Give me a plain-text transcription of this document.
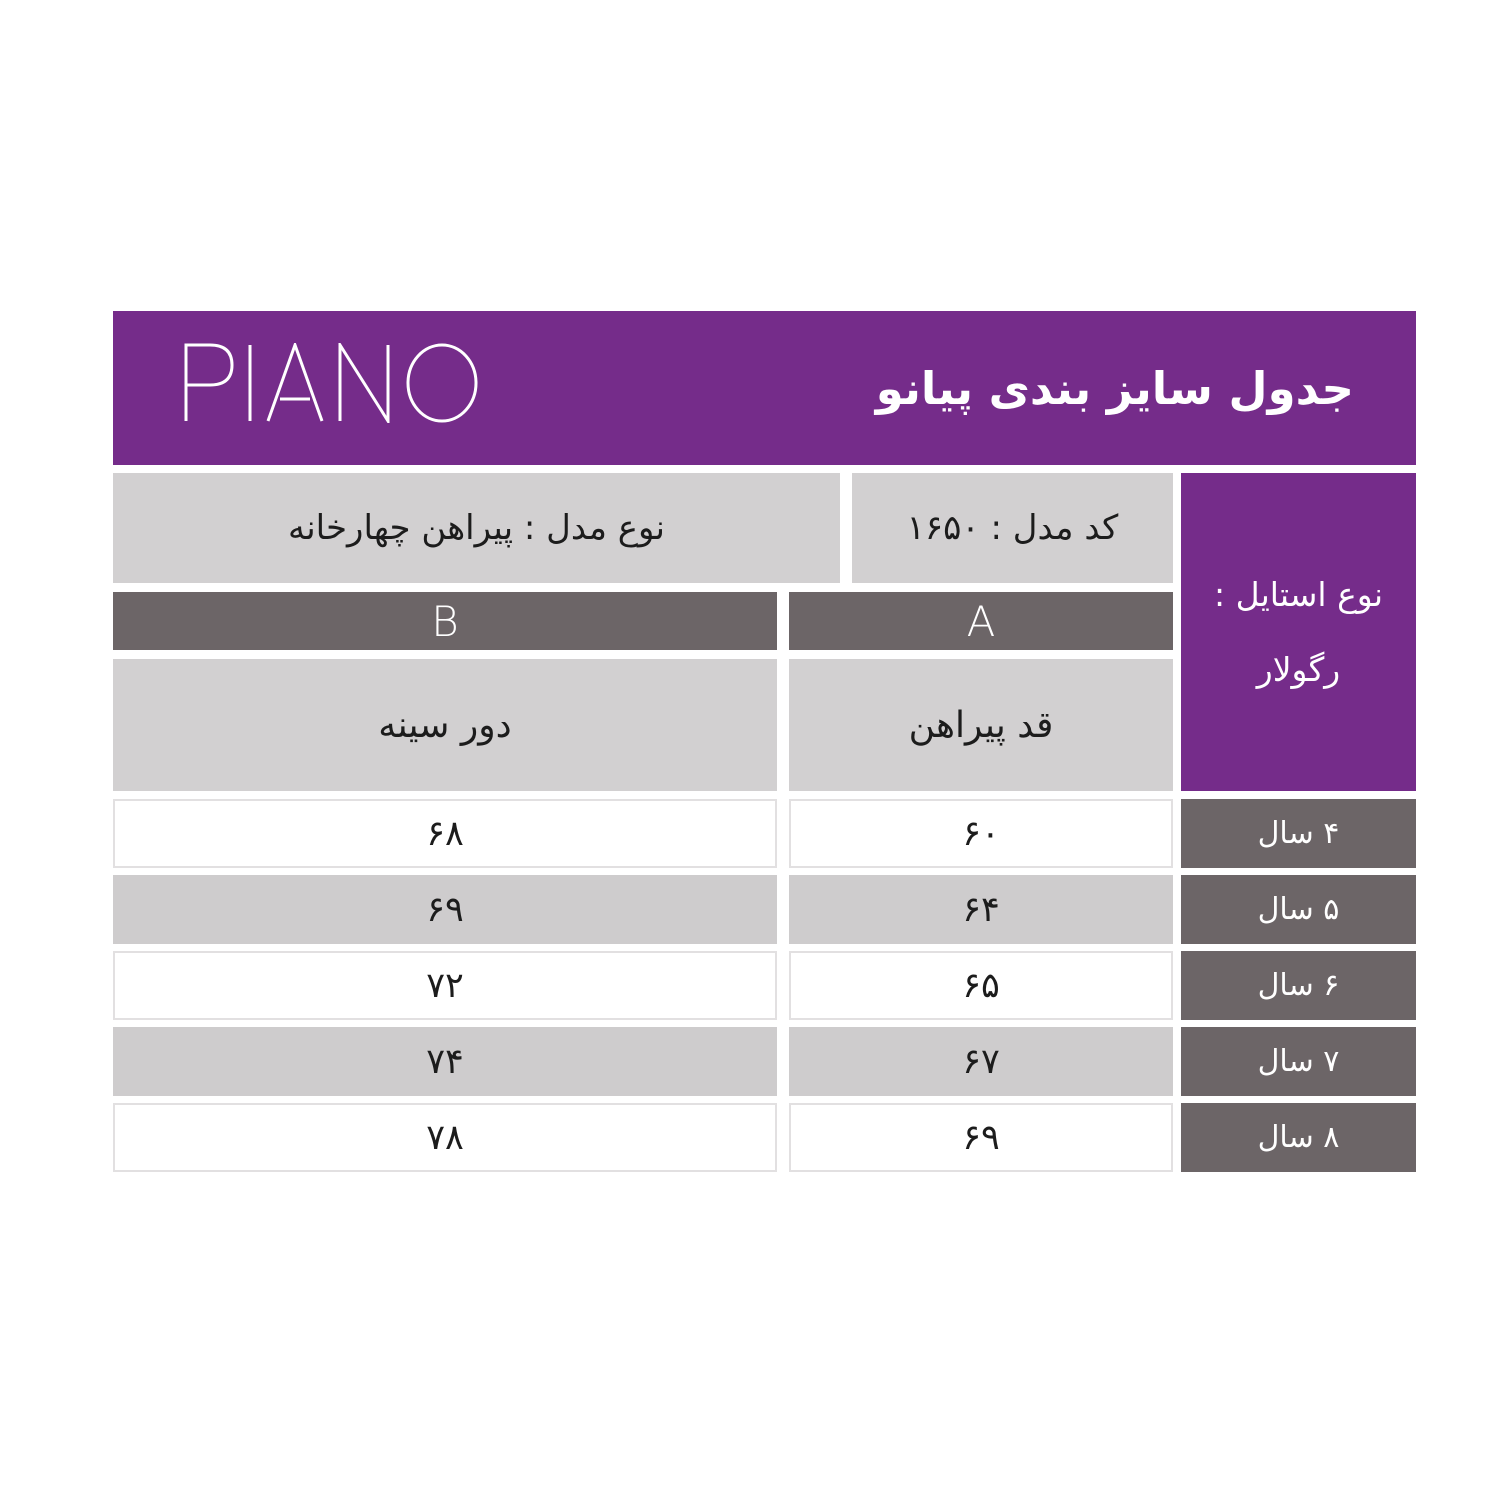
جدول سایز بندی پیانو
نوع مدل : پیراهن چهارخانه	کد مدل : ۱۶۵۰
نوع استایل :
رگولار
B	A
دور سینه	قد پیراهن
۶۸	۶۰	۴ سال
۶۹	۶۴	۵ سال
۷۲	۶۵	۶ سال
۷۴	۶۷	۷ سال
۷۸	۶۹	۸ سال
